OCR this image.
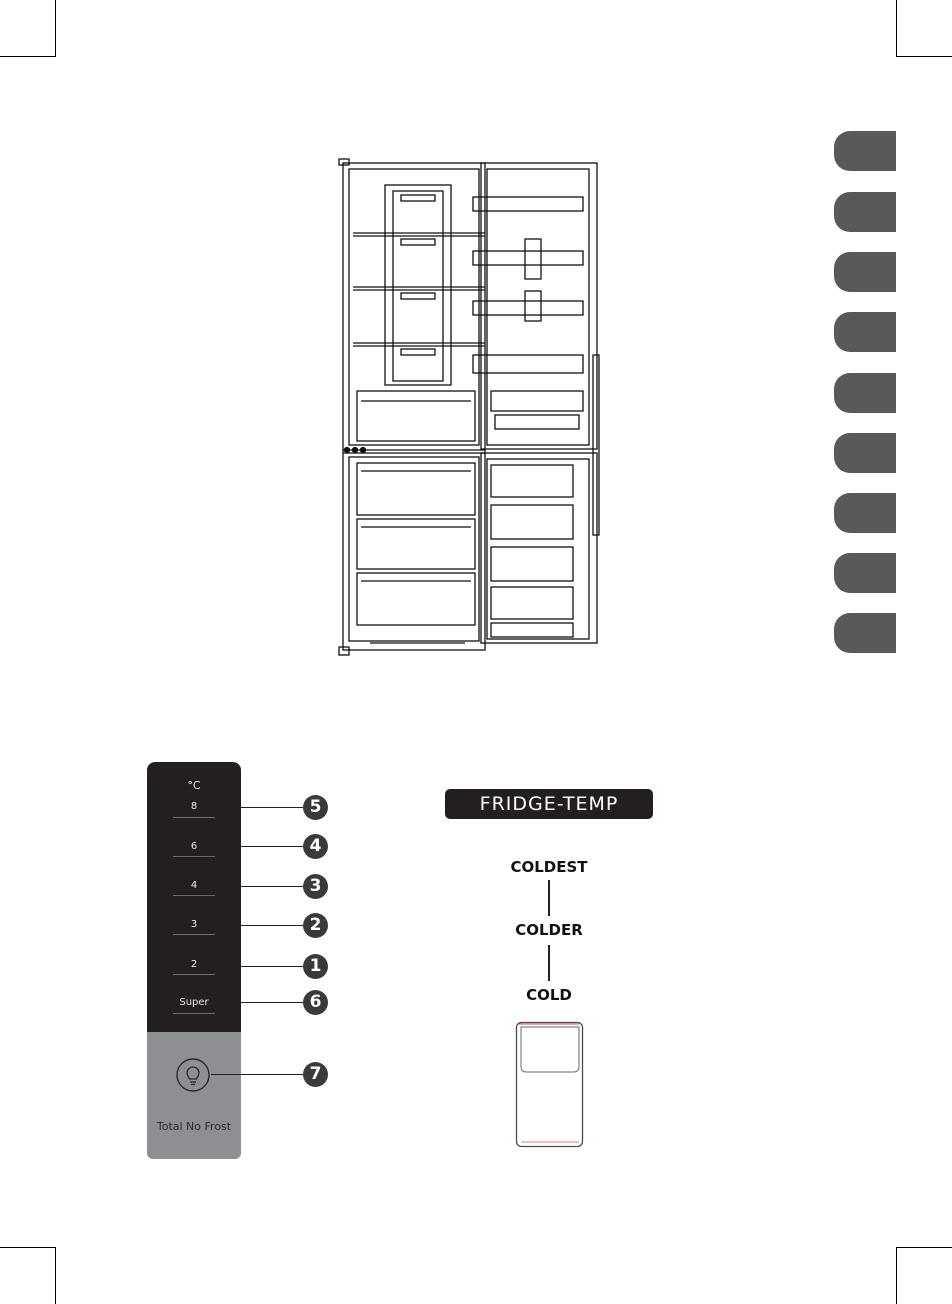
°C
8
6
4
3
2
Super
Total No Frost
5
4
3
2
1
6
7
FRIDGE-TEMP
COLDEST
COLDER
COLD
